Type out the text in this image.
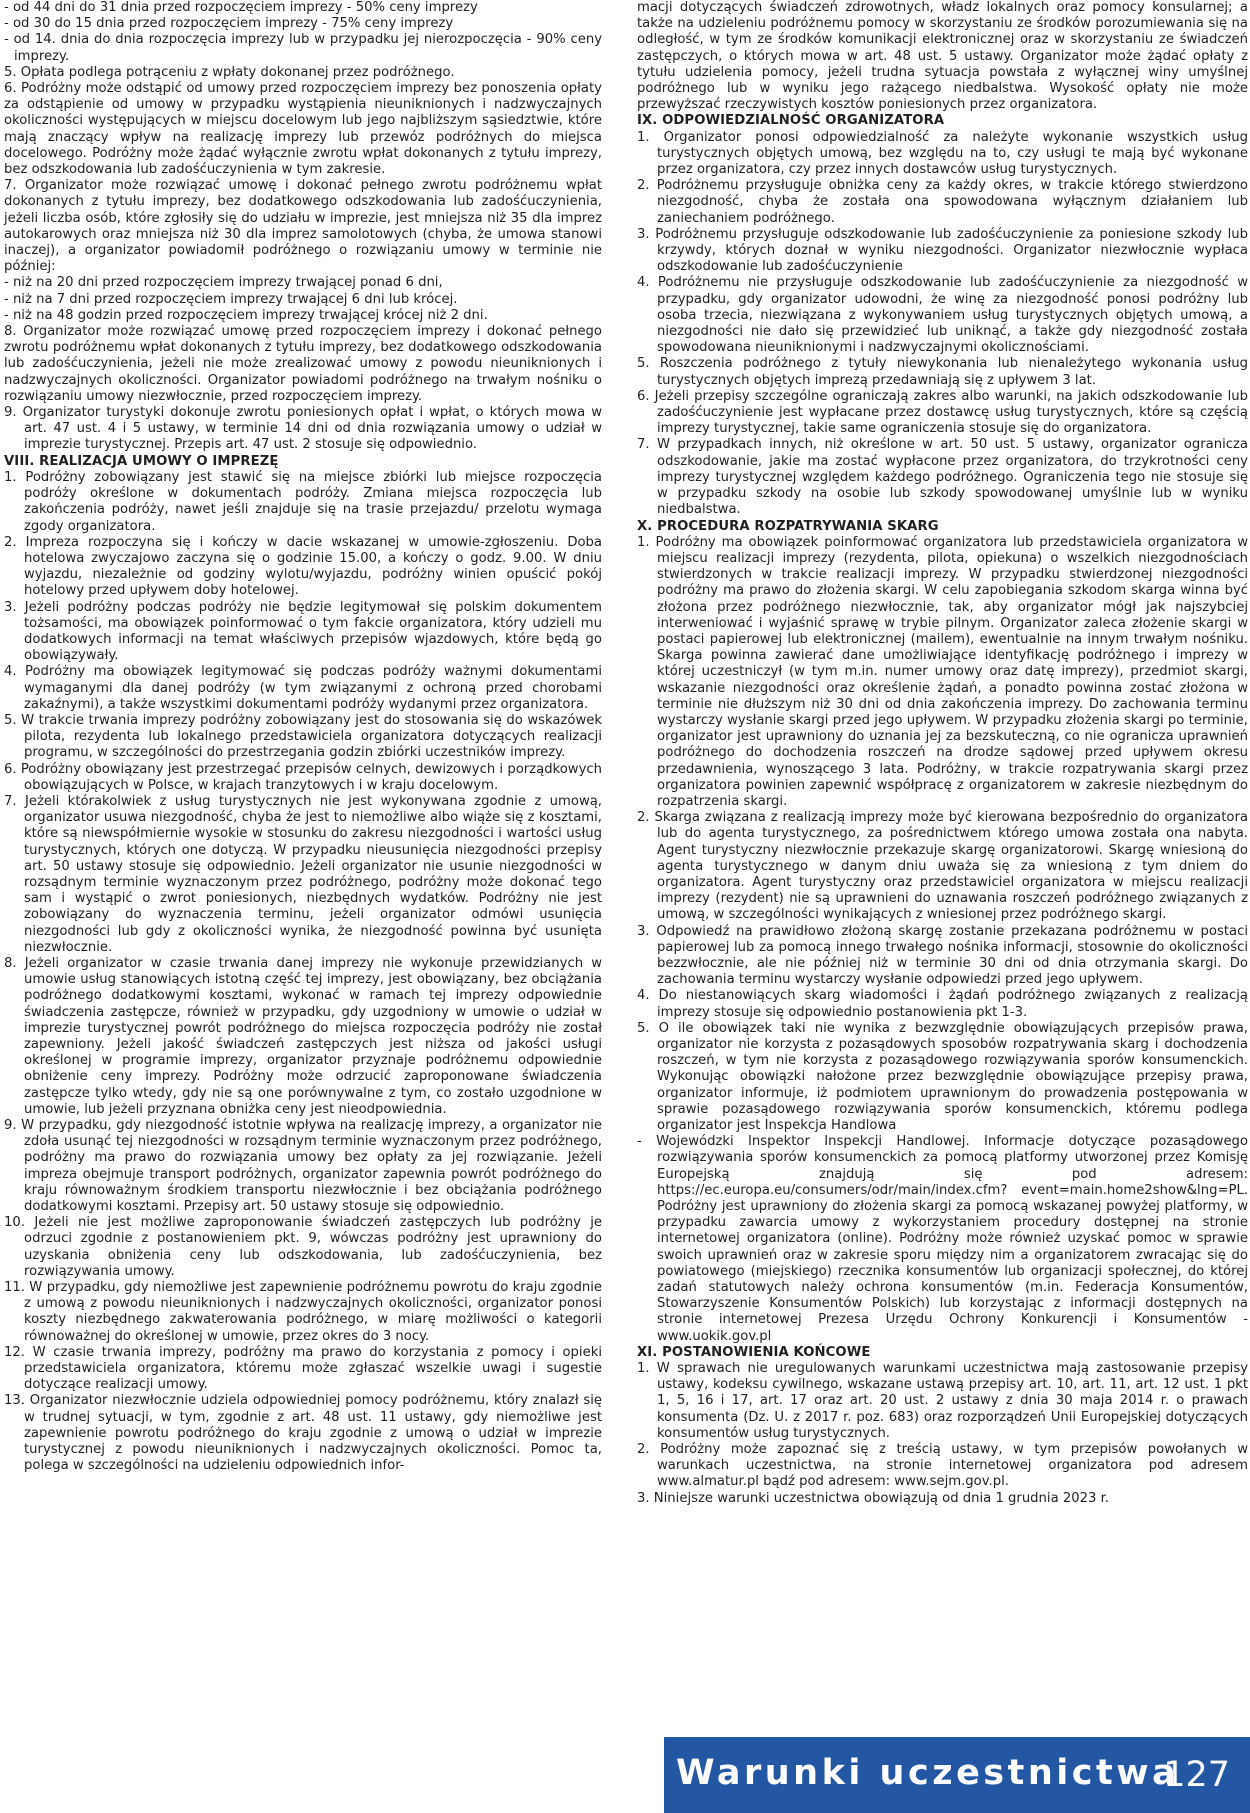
- od 44 dni do 31 dnia przed rozpoczęciem imprezy - 50% ceny imprezy

- od 30 do 15 dnia przed rozpoczęciem imprezy - 75% ceny imprezy

- od 14. dnia do dnia rozpoczęcia imprezy lub w przypadku jej nierozpoczęcia - 90% ceny imprezy.

5. Opłata podlega potrąceniu z wpłaty dokonanej przez podróżnego.

6. Podróżny może odstąpić od umowy przed rozpoczęciem imprezy bez ponoszenia opłaty za odstąpienie od umowy w przypadku wystąpienia nieuniknionych i nadzwyczajnych okoliczności występujących w miejscu docelowym lub jego najbliższym sąsiedztwie, które mają znaczący wpływ na realizację imprezy lub przewóz podróżnych do miejsca docelowego. Podróżny może żądać wyłącznie zwrotu wpłat dokonanych z tytułu imprezy, bez odszkodowania lub zadośćuczynienia w tym zakresie.

7. Organizator może rozwiązać umowę i dokonać pełnego zwrotu podróżnemu wpłat dokonanych z tytułu imprezy, bez dodatkowego odszkodowania lub zadośćuczynienia, jeżeli liczba osób, które zgłosiły się do udziału w imprezie, jest mniejsza niż 35 dla imprez autokarowych oraz mniejsza niż 30 dla imprez samolotowych (chyba, że umowa stanowi inaczej), a organizator powiadomił podróżnego o rozwiązaniu umowy w terminie nie później:

- niż na 20 dni przed rozpoczęciem imprezy trwającej ponad 6 dni,

- niż na 7 dni przed rozpoczęciem imprezy trwającej 6 dni lub krócej.

- niż na 48 godzin przed rozpoczęciem imprezy trwającej krócej niż 2 dni.

8. Organizator może rozwiązać umowę przed rozpoczęciem imprezy i dokonać pełnego zwrotu podróżnemu wpłat dokonanych z tytułu imprezy, bez dodatkowego odszkodowania lub zadośćuczynienia, jeżeli nie może zrealizować umowy z powodu nieuniknionych i nadzwyczajnych okoliczności. Organizator powiadomi podróżnego na trwałym nośniku o rozwiązaniu umowy niezwłocznie, przed rozpoczęciem imprezy.

9. Organizator turystyki dokonuje zwrotu poniesionych opłat i wpłat, o których mowa w art. 47 ust. 4 i 5 ustawy, w terminie 14 dni od dnia rozwiązania umowy o udział w imprezie turystycznej. Przepis art. 47 ust. 2 stosuje się odpowiednio.

VIII. REALIZACJA UMOWY O IMPREZĘ

1. Podróżny zobowiązany jest stawić się na miejsce zbiórki lub miejsce rozpoczęcia podróży określone w dokumentach podróży. Zmiana miejsca rozpoczęcia lub zakończenia podróży, nawet jeśli znajduje się na trasie przejazdu/ przelotu wymaga zgody organizatora.

2. Impreza rozpoczyna się i kończy w dacie wskazanej w umowie-zgłoszeniu. Doba hotelowa zwyczajowo zaczyna się o godzinie 15.00, a kończy o godz. 9.00. W dniu wyjazdu, niezależnie od godziny wylotu/wyjazdu, podróżny winien opuścić pokój hotelowy przed upływem doby hotelowej.

3. Jeżeli podróżny podczas podróży nie będzie legitymował się polskim dokumentem tożsamości, ma obowiązek poinformować o tym fakcie organizatora, który udzieli mu dodatkowych informacji na temat właściwych przepisów wjazdowych, które będą go obowiązywały.

4. Podróżny ma obowiązek legitymować się podczas podróży ważnymi dokumentami wymaganymi dla danej podróży (w tym związanymi z ochroną przed chorobami zakaźnymi), a także wszystkimi dokumentami podróży wydanymi przez organizatora.

5. W trakcie trwania imprezy podróżny zobowiązany jest do stosowania się do wskazówek pilota, rezydenta lub lokalnego przedstawiciela organizatora dotyczących realizacji programu, w szczególności do przestrzegania godzin zbiórki uczestników imprezy.

6. Podróżny obowiązany jest przestrzegać przepisów celnych, dewizowych i porządkowych obowiązujących w Polsce, w krajach tranzytowych i w kraju docelowym.

7. Jeżeli którakolwiek z usług turystycznych nie jest wykonywana zgodnie z umową, organizator usuwa niezgodność, chyba że jest to niemożliwe albo wiąże się z kosztami, które są niewspółmiernie wysokie w stosunku do zakresu niezgodności i wartości usług turystycznych, których one dotyczą. W przypadku nieusunięcia niezgodności przepisy art. 50 ustawy stosuje się odpowiednio. Jeżeli organizator nie usunie niezgodności w rozsądnym terminie wyznaczonym przez podróżnego, podróżny może dokonać tego sam i wystąpić o zwrot poniesionych, niezbędnych wydatków. Podróżny nie jest zobowiązany do wyznaczenia terminu, jeżeli organizator odmówi usunięcia niezgodności lub gdy z okoliczności wynika, że niezgodność powinna być usunięta niezwłocznie.

8. Jeżeli organizator w czasie trwania danej imprezy nie wykonuje przewidzianych w umowie usług stanowiących istotną część tej imprezy, jest obowiązany, bez obciążania podróżnego dodatkowymi kosztami, wykonać w ramach tej imprezy odpowiednie świadczenia zastępcze, również w przypadku, gdy uzgodniony w umowie o udział w imprezie turystycznej powrót podróżnego do miejsca rozpoczęcia podróży nie został zapewniony. Jeżeli jakość świadczeń zastępczych jest niższa od jakości usługi określonej w programie imprezy, organizator przyznaje podróżnemu odpowiednie obniżenie ceny imprezy. Podróżny może odrzucić zaproponowane świadczenia zastępcze tylko wtedy, gdy nie są one porównywalne z tym, co zostało uzgodnione w umowie, lub jeżeli przyznana obniżka ceny jest nieodpowiednia.

9. W przypadku, gdy niezgodność istotnie wpływa na realizację imprezy, a organizator nie zdoła usunąć tej niezgodności w rozsądnym terminie wyznaczonym przez podróżnego, podróżny ma prawo do rozwiązania umowy bez opłaty za jej rozwiązanie. Jeżeli impreza obejmuje transport podróżnych, organizator zapewnia powrót podróżnego do kraju równoważnym środkiem transportu niezwłocznie i bez obciążania podróżnego dodatkowymi kosztami. Przepisy art. 50 ustawy stosuje się odpowiednio.

10. Jeżeli nie jest możliwe zaproponowanie świadczeń zastępczych lub podróżny je odrzuci zgodnie z postanowieniem pkt. 9, wówczas podróżny jest uprawniony do uzyskania obniżenia ceny lub odszkodowania, lub zadośćuczynienia, bez rozwiązywania umowy.

11. W przypadku, gdy niemożliwe jest zapewnienie podróżnemu powrotu do kraju zgodnie z umową z powodu nieuniknionych i nadzwyczajnych okoliczności, organizator ponosi koszty niezbędnego zakwaterowania podróżnego, w miarę możliwości o kategorii równoważnej do określonej w umowie, przez okres do 3 nocy.

12. W czasie trwania imprezy, podróżny ma prawo do korzystania z pomocy i opieki przedstawiciela organizatora, któremu może zgłaszać wszelkie uwagi i sugestie dotyczące realizacji umowy.

13. Organizator niezwłocznie udziela odpowiedniej pomocy podróżnemu, który znalazł się w trudnej sytuacji, w tym, zgodnie z art. 48 ust. 11 ustawy, gdy niemożliwe jest zapewnienie powrotu podróżnego do kraju zgodnie z umową o udział w imprezie turystycznej z powodu nieuniknionych i nadzwyczajnych okoliczności. Pomoc ta, polega w szczególności na udzieleniu odpowiednich infor-

macji dotyczących świadczeń zdrowotnych, władz lokalnych oraz pomocy konsularnej; a także na udzieleniu podróżnemu pomocy w skorzystaniu ze środków porozumiewania się na odległość, w tym ze środków komunikacji elektronicznej oraz w skorzystaniu ze świadczeń zastępczych, o których mowa w art. 48 ust. 5 ustawy. Organizator może żądać opłaty z tytułu udzielenia pomocy, jeżeli trudna sytuacja powstała z wyłącznej winy umyślnej podróżnego lub w wyniku jego rażącego niedbalstwa. Wysokość opłaty nie może przewyższać rzeczywistych kosztów poniesionych przez organizatora.

IX. ODPOWIEDZIALNOŚĆ ORGANIZATORA

1. Organizator ponosi odpowiedzialność za należyte wykonanie wszystkich usług turystycznych objętych umową, bez względu na to, czy usługi te mają być wykonane przez organizatora, czy przez innych dostawców usług turystycznych.

2. Podróżnemu przysługuje obniżka ceny za każdy okres, w trakcie którego stwierdzono niezgodność, chyba że została ona spowodowana wyłącznym działaniem lub zaniechaniem podróżnego.

3. Podróżnemu przysługuje odszkodowanie lub zadośćuczynienie za poniesione szkody lub krzywdy, których doznał w wyniku niezgodności. Organizator niezwłocznie wypłaca odszkodowanie lub zadośćuczynienie

4. Podróżnemu nie przysługuje odszkodowanie lub zadośćuczynienie za niezgodność w przypadku, gdy organizator udowodni, że winę za niezgodność ponosi podróżny lub osoba trzecia, niezwiązana z wykonywaniem usług turystycznych objętych umową, a niezgodności nie dało się przewidzieć lub uniknąć, a także gdy niezgodność została spowodowana nieuniknionymi i nadzwyczajnymi okolicznościami.

5. Roszczenia podróżnego z tytuły niewykonania lub nienależytego wykonania usług turystycznych objętych imprezą przedawniają się z upływem 3 lat.

6. Jeżeli przepisy szczególne ograniczają zakres albo warunki, na jakich odszkodowanie lub zadośćuczynienie jest wypłacane przez dostawcę usług turystycznych, które są częścią imprezy turystycznej, takie same ograniczenia stosuje się do organizatora.

7. W przypadkach innych, niż określone w art. 50 ust. 5 ustawy, organizator ogranicza odszkodowanie, jakie ma zostać wypłacone przez organizatora, do trzykrotności ceny imprezy turystycznej względem każdego podróżnego. Ograniczenia tego nie stosuje się w przypadku szkody na osobie lub szkody spowodowanej umyślnie lub w wyniku niedbalstwa.

X. PROCEDURA ROZPATRYWANIA SKARG

1. Podróżny ma obowiązek poinformować organizatora lub przedstawiciela organizatora w miejscu realizacji imprezy (rezydenta, pilota, opiekuna) o wszelkich niezgodnościach stwierdzonych w trakcie realizacji imprezy. W przypadku stwierdzonej niezgodności podróżny ma prawo do złożenia skargi. W celu zapobiegania szkodom skarga winna być złożona przez podróżnego niezwłocznie, tak, aby organizator mógł jak najszybciej interweniować i wyjaśnić sprawę w trybie pilnym. Organizator zaleca złożenie skargi w postaci papierowej lub elektronicznej (mailem), ewentualnie na innym trwałym nośniku. Skarga powinna zawierać dane umożliwiające identyfikację podróżnego i imprezy w której uczestniczył (w tym m.in. numer umowy oraz datę imprezy), przedmiot skargi, wskazanie niezgodności oraz określenie żądań, a ponadto powinna zostać złożona w terminie nie dłuższym niż 30 dni od dnia zakończenia imprezy. Do zachowania terminu wystarczy wysłanie skargi przed jego upływem. W przypadku złożenia skargi po terminie, organizator jest uprawniony do uznania jej za bezskuteczną, co nie ogranicza uprawnień podróżnego do dochodzenia roszczeń na drodze sądowej przed upływem okresu przedawnienia, wynoszącego 3 lata. Podróżny, w trakcie rozpatrywania skargi przez organizatora powinien zapewnić współpracę z organizatorem w zakresie niezbędnym do rozpatrzenia skargi.

2. Skarga związana z realizacją imprezy może być kierowana bezpośrednio do organizatora lub do agenta turystycznego, za pośrednictwem którego umowa została ona nabyta. Agent turystyczny niezwłocznie przekazuje skargę organizatorowi. Skargę wniesioną do agenta turystycznego w danym dniu uważa się za wniesioną z tym dniem do organizatora. Agent turystyczny oraz przedstawiciel organizatora w miejscu realizacji imprezy (rezydent) nie są uprawnieni do uznawania roszczeń podróżnego związanych z umową, w szczególności wynikających z wniesionej przez podróżnego skargi.

3. Odpowiedź na prawidłowo złożoną skargę zostanie przekazana podróżnemu w postaci papierowej lub za pomocą innego trwałego nośnika informacji, stosownie do okoliczności bezzwłocznie, ale nie później niż w terminie 30 dni od dnia otrzymania skargi. Do zachowania terminu wystarczy wysłanie odpowiedzi przed jego upływem.

4. Do niestanowiących skarg wiadomości i żądań podróżnego związanych z realizacją imprezy stosuje się odpowiednio postanowienia pkt 1-3.

5. O ile obowiązek taki nie wynika z bezwzględnie obowiązujących przepisów prawa, organizator nie korzysta z pozasądowych sposobów rozpatrywania skarg i dochodzenia roszczeń, w tym nie korzysta z pozasądowego rozwiązywania sporów konsumenckich. Wykonując obowiązki nałożone przez bezwzględnie obowiązujące przepisy prawa, organizator informuje, iż podmiotem uprawnionym do prowadzenia postępowania w sprawie pozasądowego rozwiązywania sporów konsumenckich, któremu podlega organizator jest Inspekcja Handlowa

- Wojewódzki Inspektor Inspekcji Handlowej. Informacje dotyczące pozasądowego rozwiązywania sporów konsumenckich za pomocą platformy utworzonej przez Komisję Europejską znajdują się pod adresem: https://ec.europa.eu/consumers/odr/main/index.cfm? event=main.home2show&lng=PL. Podróżny jest uprawniony do złożenia skargi za pomocą wskazanej powyżej platformy, w przypadku zawarcia umowy z wykorzystaniem procedury dostępnej na stronie internetowej organizatora (online). Podróżny może również uzyskać pomoc w sprawie swoich uprawnień oraz w zakresie sporu między nim a organizatorem zwracając się do powiatowego (miejskiego) rzecznika konsumentów lub organizacji społecznej, do której zadań statutowych należy ochrona konsumentów (m.in. Federacja Konsumentów, Stowarzyszenie Konsumentów Polskich) lub korzystając z informacji dostępnych na stronie internetowej Prezesa Urzędu Ochrony Konkurencji i Konsumentów - www.uokik.gov.pl

XI. POSTANOWIENIA KOŃCOWE

1. W sprawach nie uregulowanych warunkami uczestnictwa mają zastosowanie przepisy ustawy, kodeksu cywilnego, wskazane ustawą przepisy art. 10, art. 11, art. 12 ust. 1 pkt 1, 5, 16 i 17, art. 17 oraz art. 20 ust. 2 ustawy z dnia 30 maja 2014 r. o prawach konsumenta (Dz. U. z 2017 r. poz. 683) oraz rozporządzeń Unii Europejskiej dotyczących konsumentów usług turystycznych.

2. Podróżny może zapoznać się z treścią ustawy, w tym przepisów powołanych w warunkach uczestnictwa, na stronie internetowej organizatora pod adresem www.almatur.pl bądź pod adresem: www.sejm.gov.pl.

3. Niniejsze warunki uczestnictwa obowiązują od dnia 1 grudnia 2023 r.

Warunki uczestnictwa
127
